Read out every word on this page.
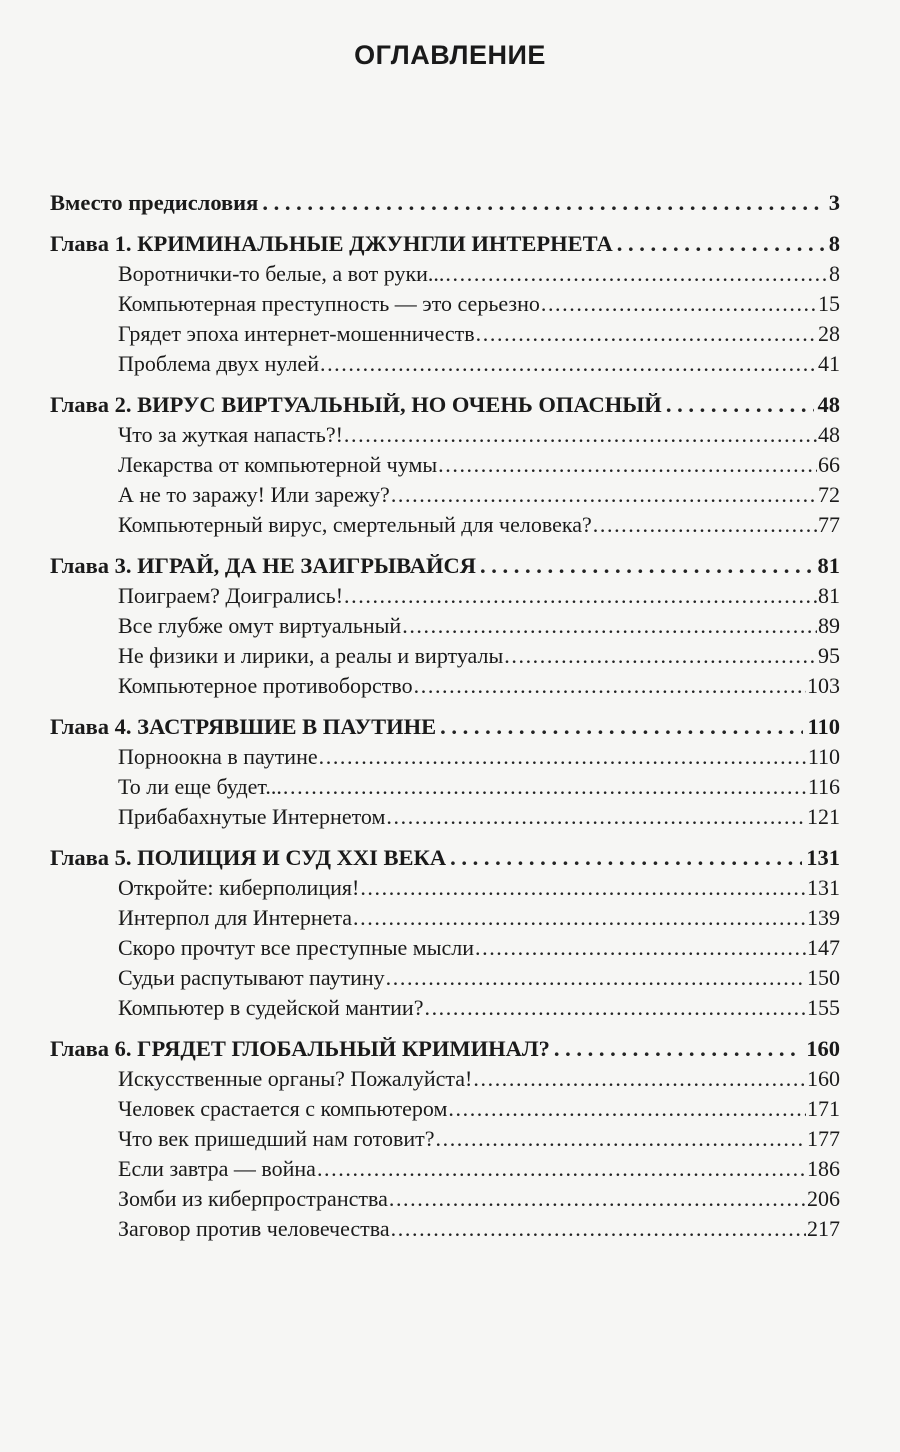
ОГЛАВЛЕНИЕ
Вместо предисловия . . .	3
Глава 1. КРИМИНАЛЬНЫЕ ДЖУНГЛИ ИНТЕРНЕТА . . .	8
Воротнички-то белые, а вот руки... .....	8
Компьютерная преступность — это серьезно .....	15
Грядет эпоха интернет-мошенничеств .....	28
Проблема двух нулей .....	41
Глава 2. ВИРУС ВИРТУАЛЬНЫЙ, НО ОЧЕНЬ ОПАСНЫЙ . . .	48
Что за жуткая напасть?! .....	48
Лекарства от компьютерной чумы .....	66
А не то заражу! Или зарежу? .....	72
Компьютерный вирус, смертельный для человека? .....	77
Глава 3. ИГРАЙ, ДА НЕ ЗАИГРЫВАЙСЯ . . .	81
Поиграем? Доигрались! .....	81
Все глубже омут виртуальный .....	89
Не физики и лирики, а реалы и виртуалы .....	95
Компьютерное противоборство .....	103
Глава 4. ЗАСТРЯВШИЕ В ПАУТИНЕ . . .	110
Порноокна в паутине .....	110
То ли еще будет... .....	116
Прибабахнутые Интернетом .....	121
Глава 5. ПОЛИЦИЯ И СУД XXI ВЕКА . . .	131
Откройте: киберполиция! .....	131
Интерпол для Интернета .....	139
Скоро прочтут все преступные мысли .....	147
Судьи распутывают паутину .....	150
Компьютер в судейской мантии? .....	155
Глава 6. ГРЯДЕТ ГЛОБАЛЬНЫЙ КРИМИНАЛ? . . .	160
Искусственные органы? Пожалуйста! .....	160
Человек срастается с компьютером .....	171
Что век пришедший нам готовит? .....	177
Если завтра — война .....	186
Зомби из киберпространства .....	206
Заговор против человечества .....	217
